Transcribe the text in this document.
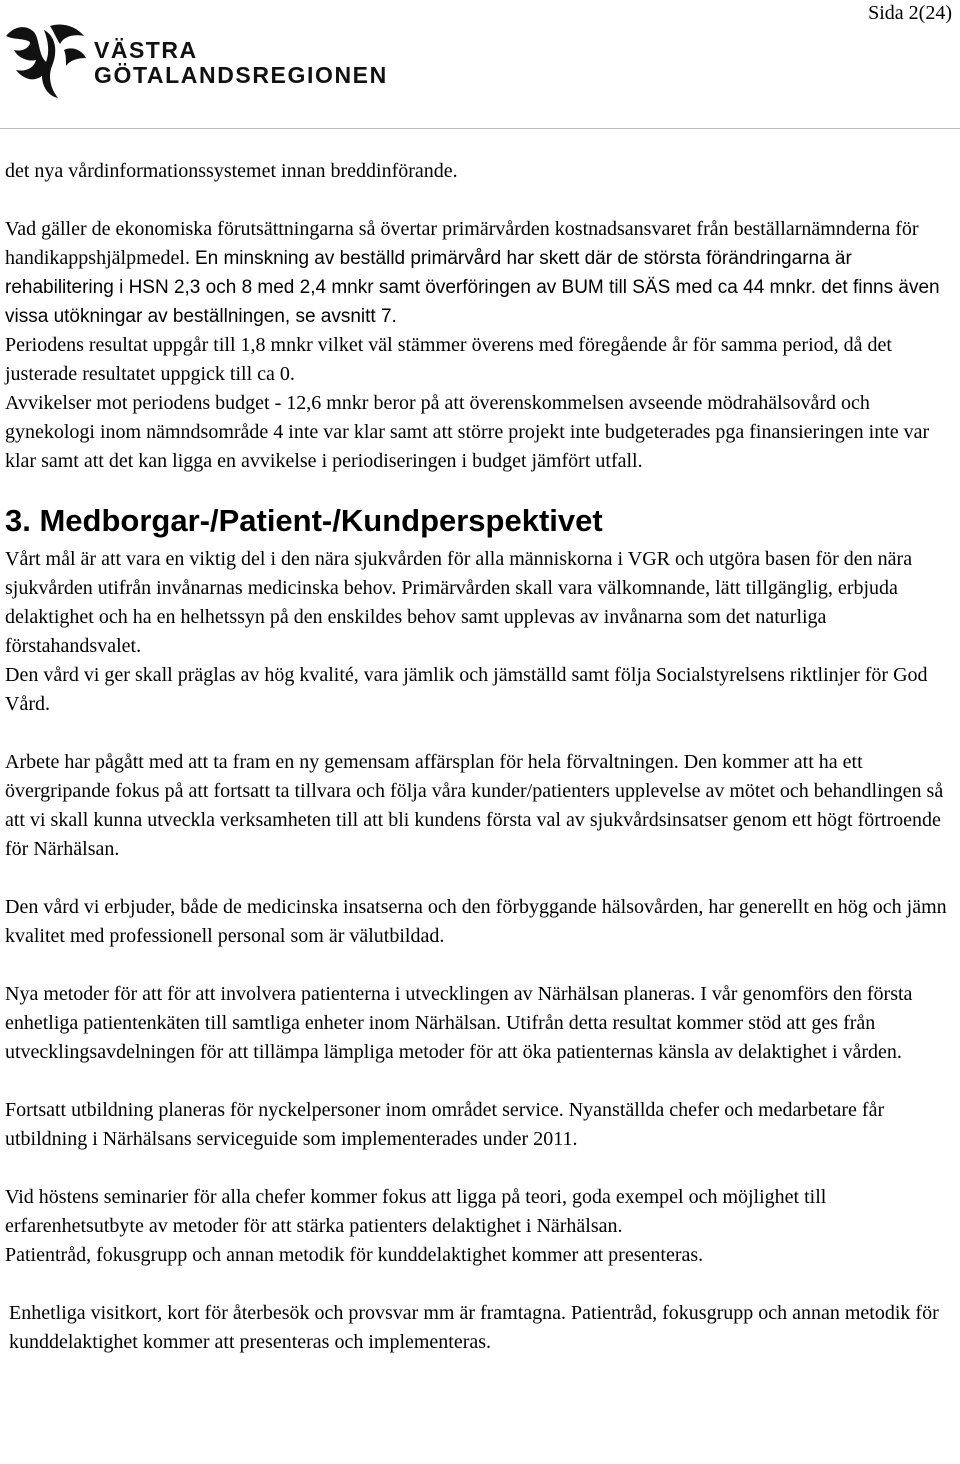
Sida 2(24)
VÄSTRA
GÖTALANDSREGIONEN

det nya vårdinformationssystemet innan breddinförande.

Vad gäller de ekonomiska förutsättningarna så övertar primärvården kostnadsansvaret från beställarnämnderna för handikappshjälpmedel. En minskning av beställd primärvård har skett där de största förändringarna är rehabilitering i HSN 2,3 och 8 med 2,4 mnkr samt överföringen av BUM till SÄS med ca 44 mnkr. det finns även vissa utökningar av beställningen, se avsnitt 7.

Periodens resultat uppgår till 1,8 mnkr vilket väl stämmer överens med föregående år för samma period, då det justerade resultatet uppgick till ca 0.

Avvikelser mot periodens budget - 12,6 mnkr beror på att överenskommelsen avseende mödrahälsovård och gynekologi inom nämndsområde 4 inte var klar samt att större projekt inte budgeterades pga finansieringen inte var klar samt att det kan ligga en avvikelse i periodiseringen i budget jämfört utfall.

3. Medborgar-/Patient-/Kundperspektivet

Vårt mål är att vara en viktig del i den nära sjukvården för alla människorna i VGR och utgöra basen för den nära sjukvården utifrån invånarnas medicinska behov. Primärvården skall vara välkomnande, lätt tillgänglig, erbjuda delaktighet och ha en helhetssyn på den enskildes behov samt upplevas av invånarna som det naturliga förstahandsvalet.

Den vård vi ger skall präglas av hög kvalité, vara jämlik och jämställd samt följa Socialstyrelsens riktlinjer för God Vård.

Arbete har pågått med att ta fram en ny gemensam affärsplan för hela förvaltningen. Den kommer att ha ett övergripande fokus på att fortsatt ta tillvara och följa våra kunder/patienters upplevelse av mötet och behandlingen så att vi skall kunna utveckla verksamheten till att bli kundens första val av sjukvårdsinsatser genom ett högt förtroende för Närhälsan.

Den vård vi erbjuder, både de medicinska insatserna och den förbyggande hälsovården, har generellt en hög och jämn kvalitet med professionell personal som är välutbildad.

Nya metoder för att för att involvera patienterna i utvecklingen av Närhälsan planeras. I vår genomförs den första enhetliga patientenkäten till samtliga enheter inom Närhälsan. Utifrån detta resultat kommer stöd att ges från utvecklingsavdelningen för att tillämpa lämpliga metoder för att öka patienternas känsla av delaktighet i vården.

Fortsatt utbildning planeras för nyckelpersoner inom området service. Nyanställda chefer och medarbetare får utbildning i Närhälsans serviceguide som implementerades under 2011.

Vid höstens seminarier för alla chefer kommer fokus att ligga på teori, goda exempel och möjlighet till erfarenhetsutbyte av metoder för att stärka patienters delaktighet i Närhälsan.

Patientråd, fokusgrupp och annan metodik för kunddelaktighet kommer att presenteras.

Enhetliga visitkort, kort för återbesök och provsvar mm är framtagna. Patientråd, fokusgrupp och annan metodik för kunddelaktighet kommer att presenteras och implementeras.
